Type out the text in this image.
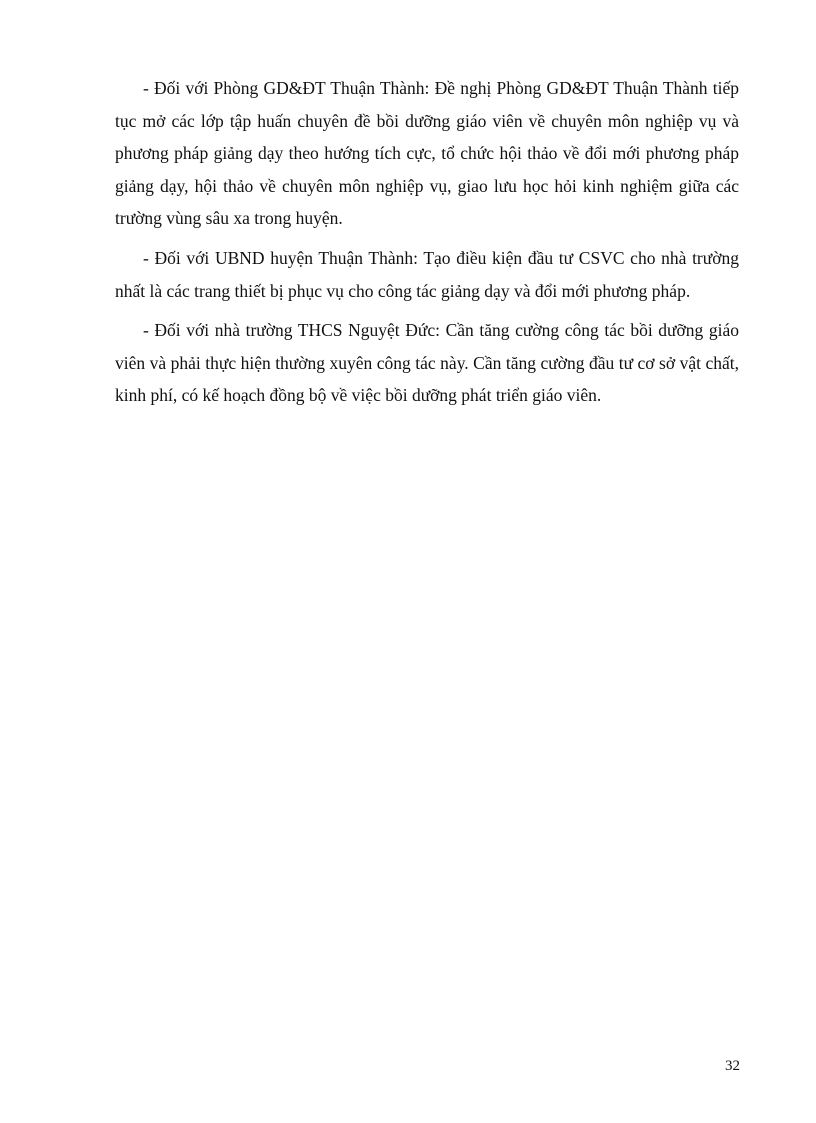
- Đối với Phòng GD&ĐT Thuận Thành: Đề nghị Phòng GD&ĐT Thuận Thành tiếp tục mở các lớp tập huấn chuyên đề bồi dưỡng giáo viên về chuyên môn nghiệp vụ và phương pháp giảng dạy theo hướng tích cực, tổ chức hội thảo về đổi mới phương pháp giảng dạy, hội thảo về chuyên môn nghiệp vụ, giao lưu học hỏi kinh nghiệm giữa các trường vùng sâu xa trong huyện.

- Đối với UBND huyện Thuận Thành: Tạo điều kiện đầu tư CSVC cho nhà trường nhất là các trang thiết bị phục vụ cho công tác giảng dạy và đổi mới phương pháp.

- Đối với nhà trường THCS Nguyệt Đức: Cần tăng cường công tác bồi dưỡng giáo viên và phải thực hiện thường xuyên công tác này. Cần tăng cường đầu tư cơ sở vật chất, kinh phí, có kế hoạch đồng bộ về việc bồi dưỡng phát triển giáo viên.

32
